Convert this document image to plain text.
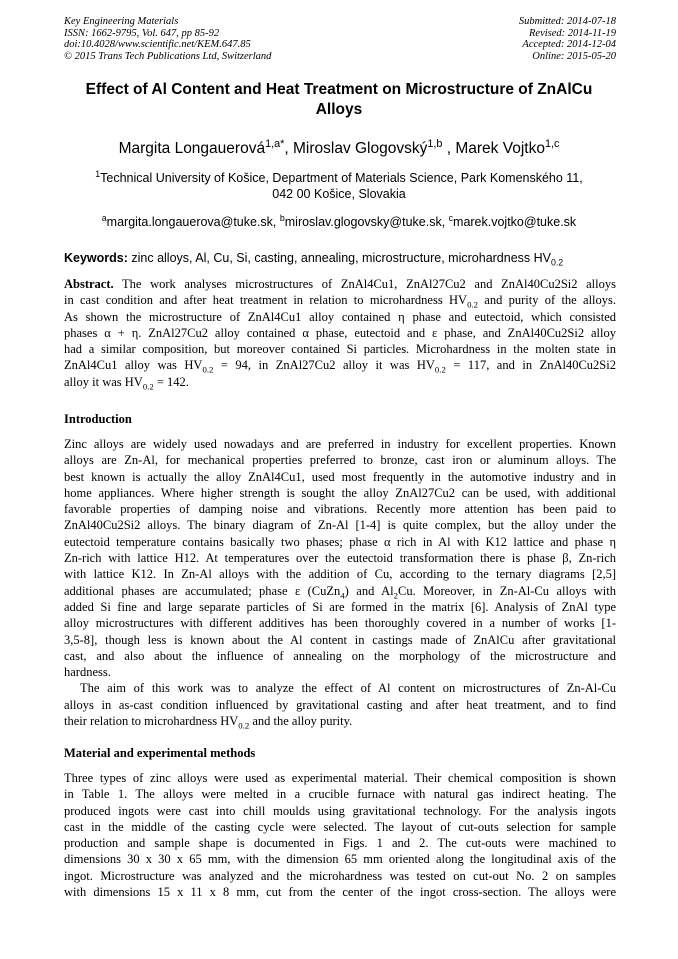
Key Engineering Materials
ISSN: 1662-9795, Vol. 647, pp 85-92
doi:10.4028/www.scientific.net/KEM.647.85
© 2015 Trans Tech Publications Ltd, Switzerland
Submitted: 2014-07-18
Revised: 2014-11-19
Accepted: 2014-12-04
Online: 2015-05-20
Effect of Al Content and Heat Treatment on Microstructure of ZnAlCu
Alloys
Margita Longauerová$^{1,a*}$, Miroslav Glogovský$^{1,b}$ , Marek Vojtko$^{1,c}$
$^1$Technical University of Košice, Department of Materials Science, Park Komenského 11,
042 00 Košice, Slovakia
$^a$margita.longauerova@tuke.sk, $^b$miroslav.glogovsky@tuke.sk, $^c$marek.vojtko@tuke.sk
Keywords: zinc alloys, Al, Cu, Si, casting, annealing, microstructure, microhardness $HV_{0.2}$
Abstract. The work analyses microstructures of ZnAl4Cu1, ZnAl27Cu2 and ZnAl40Cu2Si2 alloys
in cast condition and after heat treatment in relation to microhardness $HV_{0.2}$ and purity of the alloys.
As shown the microstructure of ZnAl4Cu1 alloy contained η phase and eutectoid, which consisted
phases α + η. ZnAl27Cu2 alloy contained α phase, eutectoid and ε phase, and ZnAl40Cu2Si2 alloy
had a similar composition, but moreover contained Si particles. Microhardness in the molten state in
ZnAl4Cu1 alloy was $HV_{0.2} = 94$, in ZnAl27Cu2 alloy it was $HV_{0.2} = 117$, and in ZnAl40Cu2Si2
alloy it was $HV_{0.2} = 142$.
Introduction
Zinc alloys are widely used nowadays and are preferred in industry for excellent properties. Known
alloys are Zn-Al, for mechanical properties preferred to bronze, cast iron or aluminum alloys. The
best known is actually the alloy ZnAl4Cu1, used most frequently in the automotive industry and in
home appliances. Where higher strength is sought the alloy ZnAl27Cu2 can be used, with additional
favorable properties of damping noise and vibrations. Recently more attention has been paid to
ZnAl40Cu2Si2 alloys. The binary diagram of Zn-Al [1-4] is quite complex, but the alloy under the
eutectoid temperature contains basically two phases; phase α rich in Al with K12 lattice and phase η
Zn-rich with lattice H12. At temperatures over the eutectoid transformation there is phase β, Zn-rich
with lattice K12. In Zn-Al alloys with the addition of Cu, according to the ternary diagrams [2,5]
additional phases are accumulated; phase ε (CuZn$_4$) and $Al_2Cu$. Moreover, in Zn-Al-Cu alloys with
added Si fine and large separate particles of Si are formed in the matrix [6]. Analysis of ZnAl type
alloy microstructures with different additives has been thoroughly covered in a number of works [1-
3,5-8], though less is known about the Al content in castings made of ZnAlCu after gravitational
cast, and also about the influence of annealing on the morphology of the microstructure and
hardness.
The aim of this work was to analyze the effect of Al content on microstructures of Zn-Al-Cu
alloys in as-cast condition influenced by gravitational casting and after heat treatment, and to find
their relation to microhardness $HV_{0.2}$ and the alloy purity.
Material and experimental methods
Three types of zinc alloys were used as experimental material. Their chemical composition is shown
in Table 1. The alloys were melted in a crucible furnace with natural gas indirect heating. The
produced ingots were cast into chill moulds using gravitational technology. For the analysis ingots
cast in the middle of the casting cycle were selected. The layout of cut-outs selection for sample
production and sample shape is documented in Figs. 1 and 2. The cut-outs were machined to
dimensions 30 x 30 x 65 mm, with the dimension 65 mm oriented along the longitudinal axis of the
ingot. Microstructure was analyzed and the microhardness was tested on cut-out No. 2 on samples
with dimensions 15 x 11 x 8 mm, cut from the center of the ingot cross-section. The alloys were
